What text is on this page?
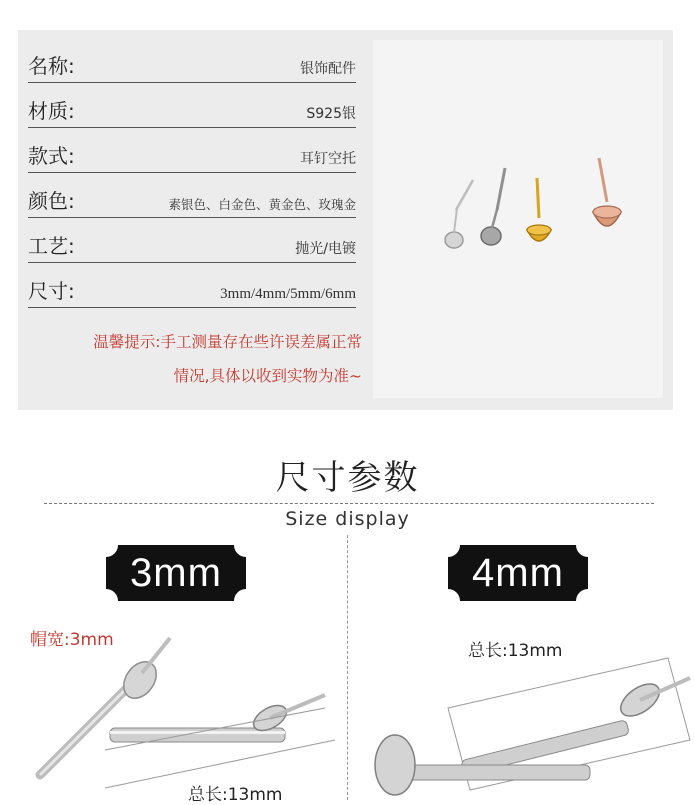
名称:	银饰配件
材质:	S925银
款式:	耳钉空托
颜色:	素银色、白金色、黄金色、玫瑰金
工艺:	抛光/电镀
尺寸:	3mm/4mm/5mm/6mm
温馨提示:手工测量存在些许误差属正常
情况,具体以收到实物为准~
尺寸参数
Size display
3mm	4mm
帽宽:3mm
总长:13mm
总长:13mm
